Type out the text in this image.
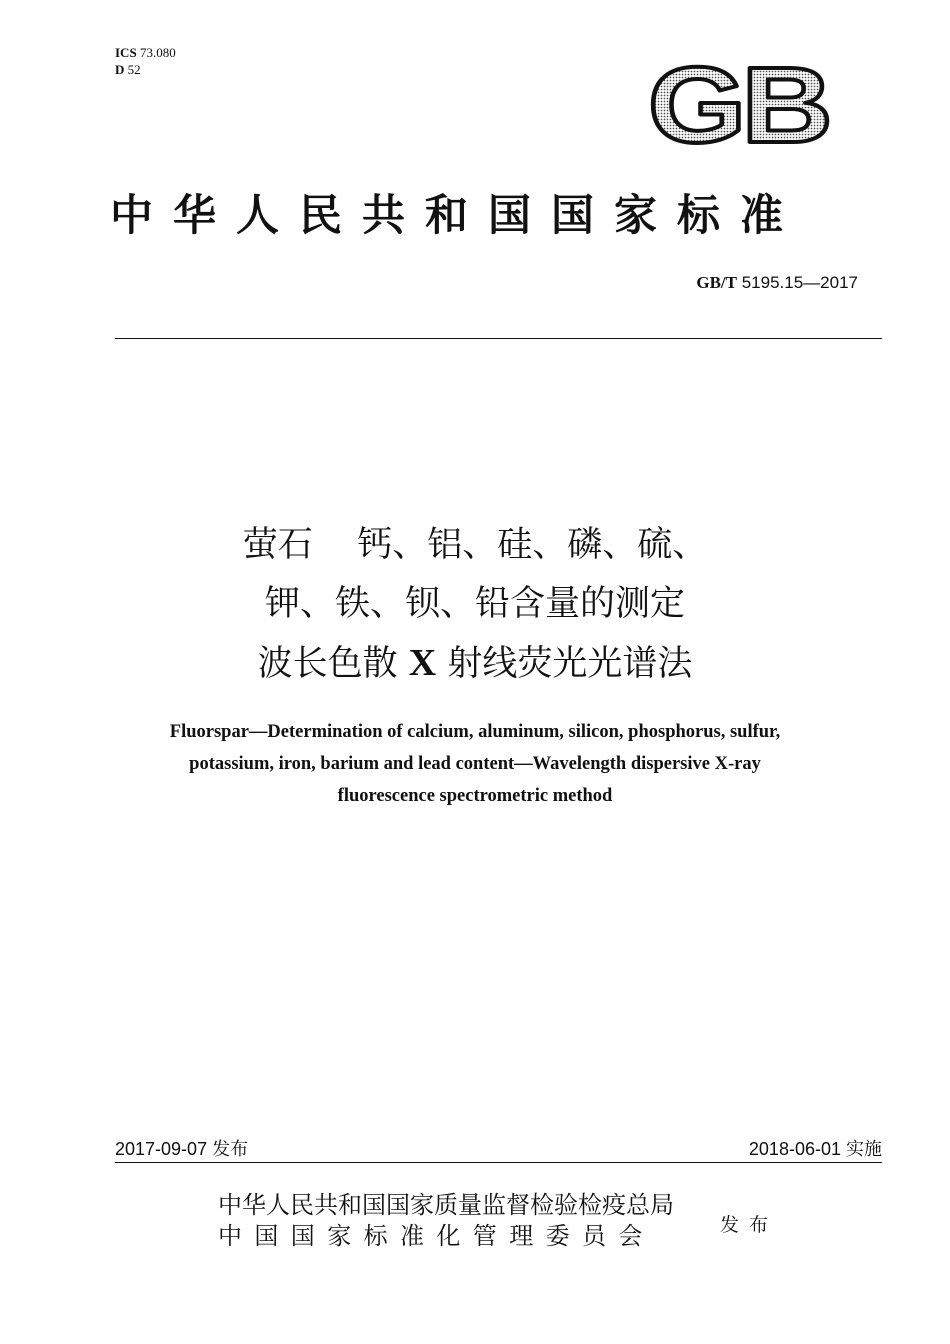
ICS 73.080
D 52	GB
中华人民共和国国家标准
GB/T 5195.15—2017
萤石    钙、铝、硅、磷、硫、
钾、铁、钡、铅含量的测定
波长色散 X 射线荧光光谱法
Fluorspar—Determination of calcium, aluminum, silicon, phosphorus, sulfur,
potassium, iron, barium and lead content—Wavelength dispersive X-ray
fluorescence spectrometric method
2017-09-07 发布	2018-06-01 实施
中华人民共和国国家质量监督检验检疫总局
中国国家标准化管理委员会	发布
